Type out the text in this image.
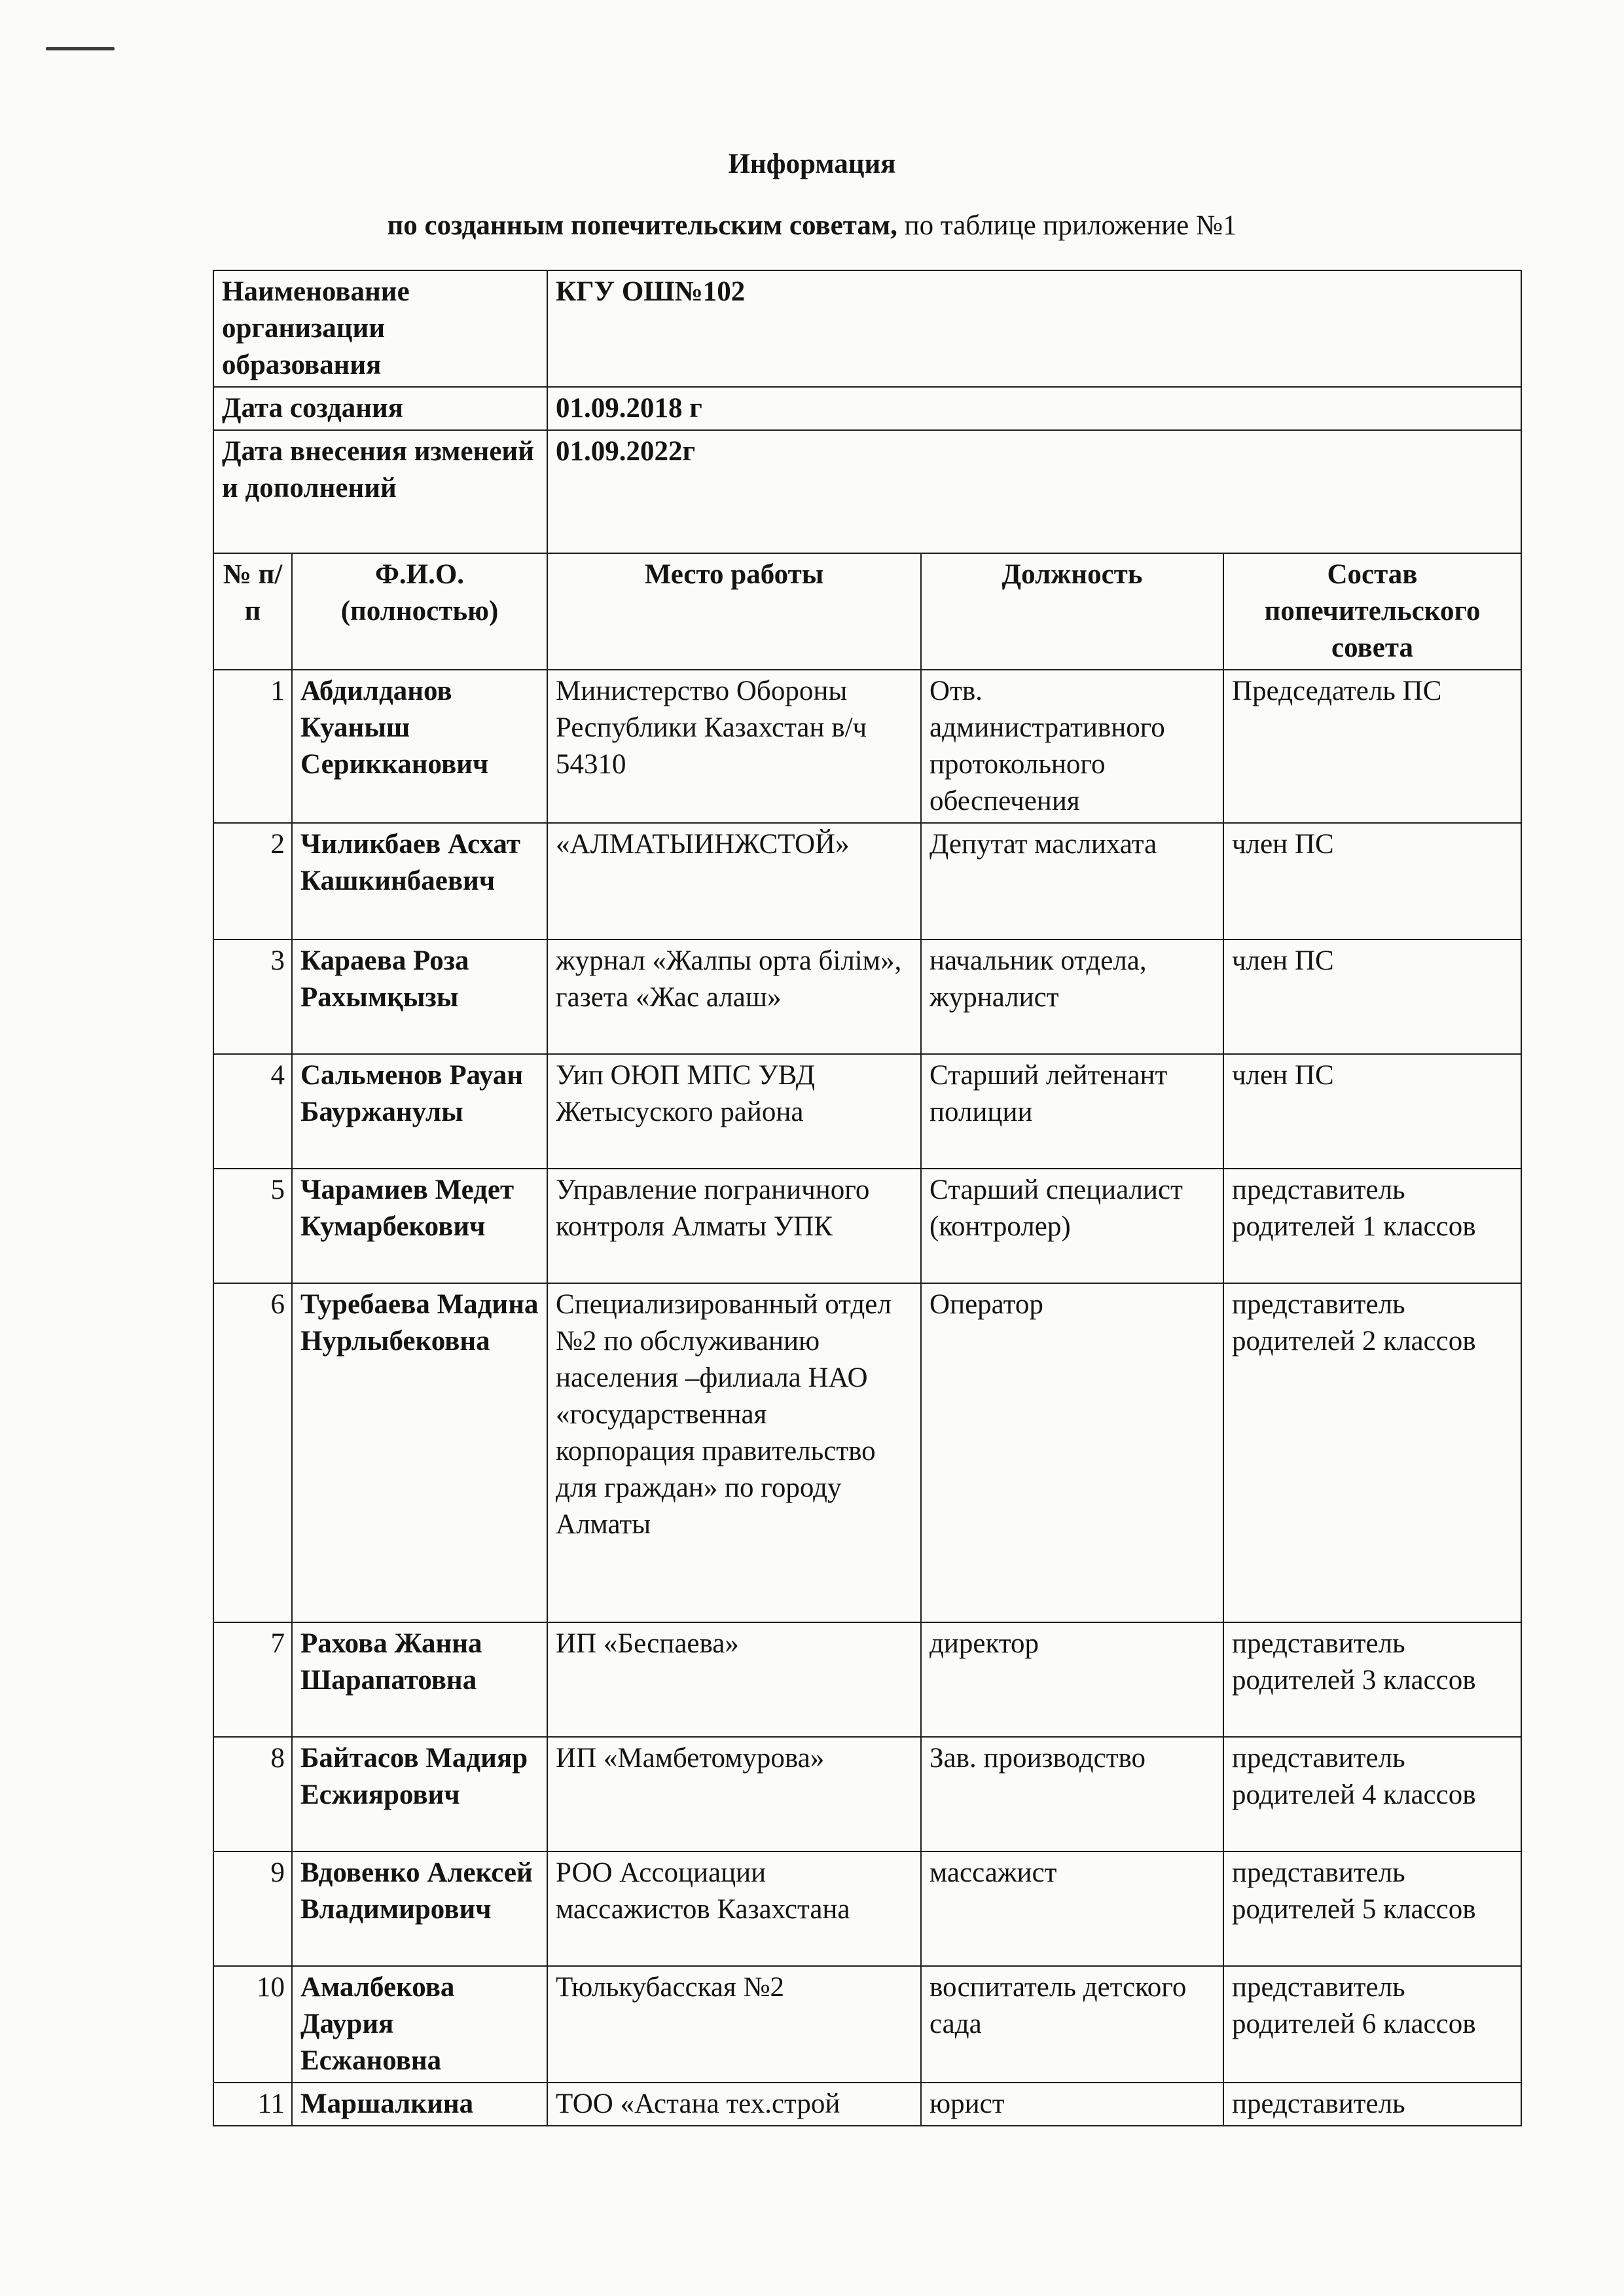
Информация
по созданным попечительским советам, по таблице приложение №1
Наименование организации образования		КГУ ОШ№102		
Дата создания		01.09.2018 г		
Дата внесения изменеий и дополнений		01.09.2022г		
№ п/п	Ф.И.О. (полностью)	Место работы	Должность	Состав попечительского совета
1	Абдилданов Куаныш Серикканович	Министерство Обороны Республики Казахстан в/ч 54310	Отв. административного протокольного обеспечения	Председатель ПС
2	Чиликбаев Асхат Кашкинбаевич	«АЛМАТЫИНЖСТОЙ»	Депутат маслихата	член ПС
3	Караева Роза Рахымқызы	журнал «Жалпы орта білім», газета «Жас алаш»	начальник отдела, журналист	член ПС
4	Сальменов Рауан Бауржанулы	Уип ОЮП МПС УВД Жетысуского района	Старший лейтенант полиции	член ПС
5	Чарамиев Медет Кумарбекович	Управление пограничного контроля Алматы УПК	Старший специалист (контролер)	представитель родителей 1 классов
6	Туребаева Мадина Нурлыбековна	Специализированный отдел №2 по обслуживанию населения –филиала НАО «государственная корпорация правительство для граждан» по городу Алматы	Оператор	представитель родителей 2 классов
7	Рахова Жанна Шарапатовна	ИП «Беспаева»	директор	представитель родителей 3 классов
8	Байтасов Мадияр Есжиярович	ИП «Мамбетомурова»	Зав. производство	представитель родителей 4 классов
9	Вдовенко Алексей Владимирович	РОО Ассоциации массажистов Казахстана	массажист	представитель родителей 5 классов
10	Амалбекова Даурия Есжановна	Тюлькубасская №2	воспитатель детского сада	представитель родителей 6 классов
11	Маршалкина	ТОО «Астана тех.строй	юрист	представитель
